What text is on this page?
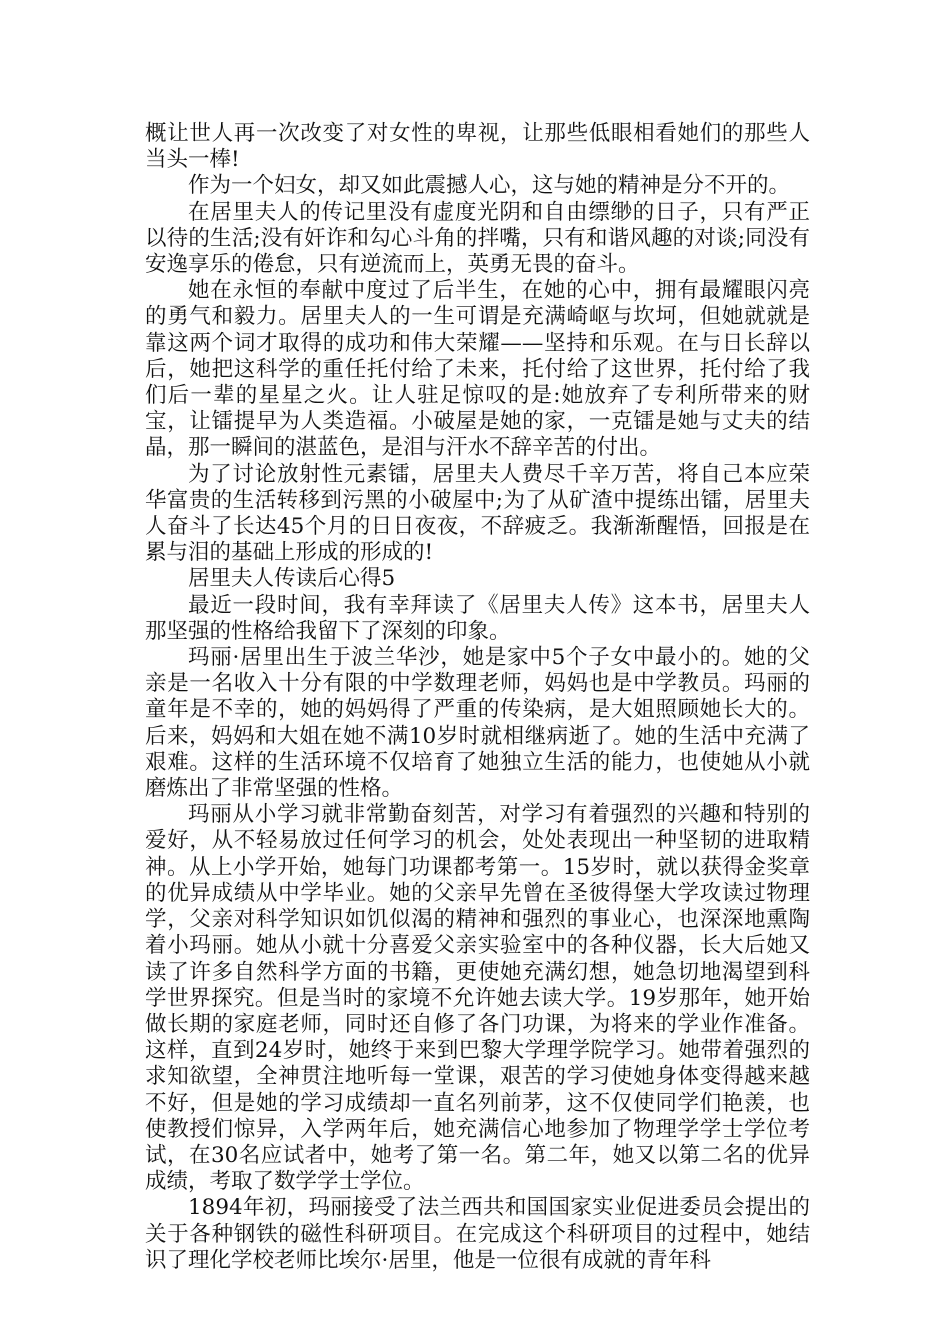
概让世人再一次改变了对女性的卑视，让那些低眼相看她们的那些人当头一棒!

作为一个妇女，却又如此震撼人心，这与她的精神是分不开的。

在居里夫人的传记里没有虚度光阴和自由缥缈的日子，只有严正以待的生活;没有奸诈和勾心斗角的拌嘴，只有和谐风趣的对谈;同没有安逸享乐的倦怠，只有逆流而上，英勇无畏的奋斗。

她在永恒的奉献中度过了后半生，在她的心中，拥有最耀眼闪亮的勇气和毅力。居里夫人的一生可谓是充满崎岖与坎坷，但她就就是靠这两个词才取得的成功和伟大荣耀——坚持和乐观。在与日长辞以后，她把这科学的重任托付给了未来，托付给了这世界，托付给了我们后一辈的星星之火。让人驻足惊叹的是:她放弃了专利所带来的财宝，让镭提早为人类造福。小破屋是她的家，一克镭是她与丈夫的结晶，那一瞬间的湛蓝色，是泪与汗水不辞辛苦的付出。

为了讨论放射性元素镭，居里夫人费尽千辛万苦，将自己本应荣华富贵的生活转移到污黑的小破屋中;为了从矿渣中提练出镭，居里夫人奋斗了长达45个月的日日夜夜，不辞疲乏。我渐渐醒悟，回报是在累与泪的基础上形成的形成的!

居里夫人传读后心得5

最近一段时间，我有幸拜读了《居里夫人传》这本书，居里夫人那坚强的性格给我留下了深刻的印象。

玛丽·居里出生于波兰华沙，她是家中5个子女中最小的。她的父亲是一名收入十分有限的中学数理老师，妈妈也是中学教员。玛丽的童年是不幸的，她的妈妈得了严重的传染病，是大姐照顾她长大的。后来，妈妈和大姐在她不满10岁时就相继病逝了。她的生活中充满了艰难。这样的生活环境不仅培育了她独立生活的能力，也使她从小就磨炼出了非常坚强的性格。

玛丽从小学习就非常勤奋刻苦，对学习有着强烈的兴趣和特别的爱好，从不轻易放过任何学习的机会，处处表现出一种坚韧的进取精神。从上小学开始，她每门功课都考第一。15岁时，就以获得金奖章的优异成绩从中学毕业。她的父亲早先曾在圣彼得堡大学攻读过物理学，父亲对科学知识如饥似渴的精神和强烈的事业心，也深深地熏陶着小玛丽。她从小就十分喜爱父亲实验室中的各种仪器，长大后她又读了许多自然科学方面的书籍，更使她充满幻想，她急切地渴望到科学世界探究。但是当时的家境不允许她去读大学。19岁那年，她开始做长期的家庭老师，同时还自修了各门功课，为将来的学业作准备。这样，直到24岁时，她终于来到巴黎大学理学院学习。她带着强烈的求知欲望，全神贯注地听每一堂课，艰苦的学习使她身体变得越来越不好，但是她的学习成绩却一直名列前茅，这不仅使同学们艳羡，也使教授们惊异，入学两年后，她充满信心地参加了物理学学士学位考试，在30名应试者中，她考了第一名。第二年，她又以第二名的优异成绩，考取了数学学士学位。

1894年初，玛丽接受了法兰西共和国国家实业促进委员会提出的关于各种钢铁的磁性科研项目。在完成这个科研项目的过程中，她结识了理化学校老师比埃尔·居里，他是一位很有成就的青年科
